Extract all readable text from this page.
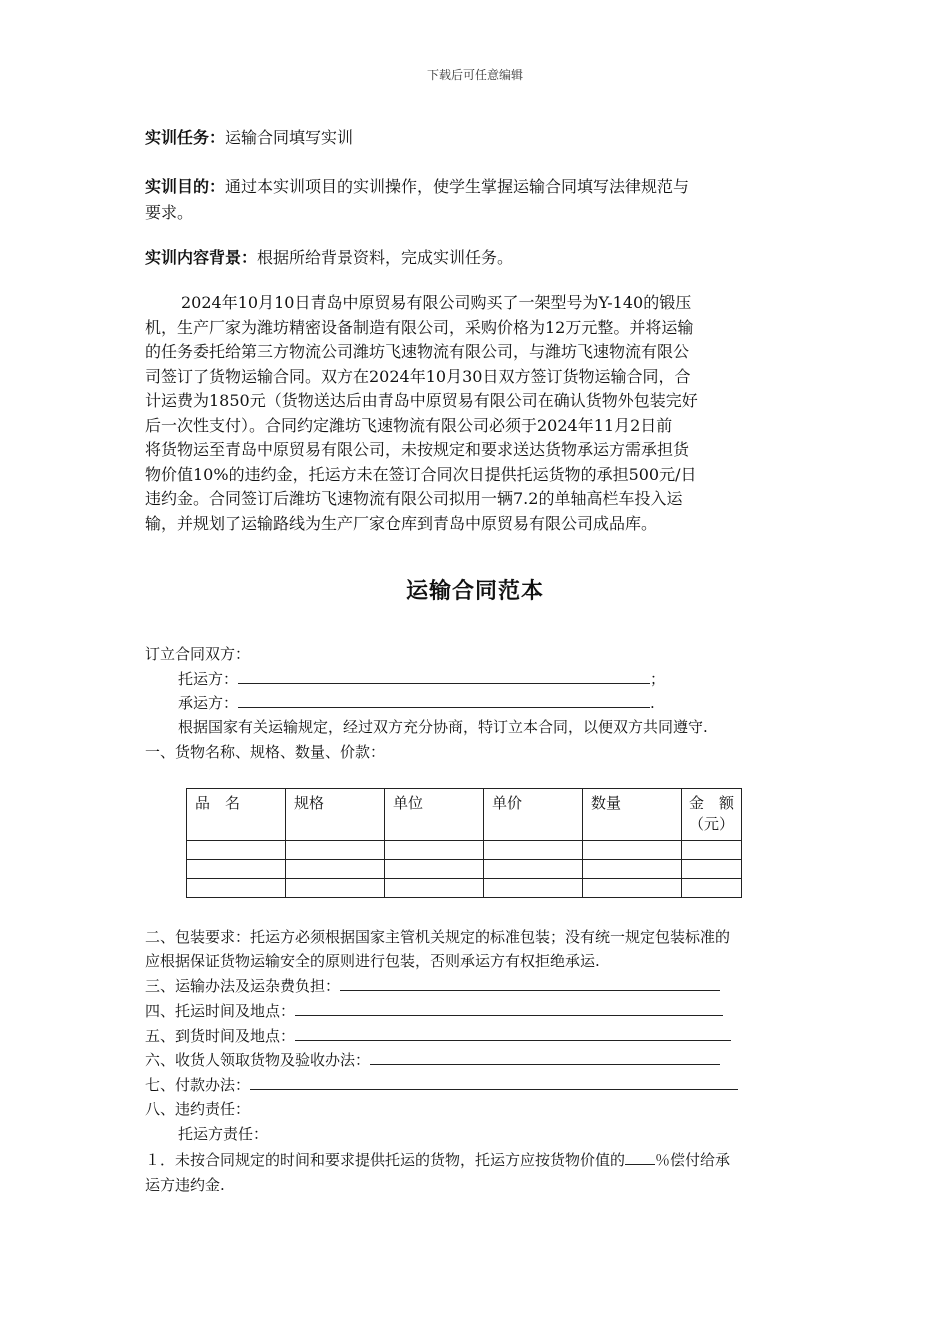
下载后可任意编辑
实训任务：运输合同填写实训
实训目的：通过本实训项目的实训操作，使学生掌握运输合同填写法律规范与
要求。
实训内容背景：根据所给背景资料，完成实训任务。
2024年10月10日青岛中原贸易有限公司购买了一架型号为Y-140的锻压
机，生产厂家为潍坊精密设备制造有限公司，采购价格为12万元整。并将运输
的任务委托给第三方物流公司潍坊飞速物流有限公司，与潍坊飞速物流有限公
司签订了货物运输合同。双方在2024年10月30日双方签订货物运输合同，合
计运费为1850元（货物送达后由青岛中原贸易有限公司在确认货物外包装完好
后一次性支付）。合同约定潍坊飞速物流有限公司必须于2024年11月2日前
将货物运至青岛中原贸易有限公司，未按规定和要求送达货物承运方需承担货
物价值10%的违约金，托运方未在签订合同次日提供托运货物的承担500元/日
违约金。合同签订后潍坊飞速物流有限公司拟用一辆7.2的单轴高栏车投入运
输，并规划了运输路线为生产厂家仓库到青岛中原贸易有限公司成品库。
运输合同范本
订立合同双方：
托运方：	；
承运方：	.
根据国家有关运输规定，经过双方充分协商，特订立本合同，以便双方共同遵守.
一、货物名称、规格、数量、价款：
品　名	规格	单位	单价	数量	金　额
（元）

二、包装要求：托运方必须根据国家主管机关规定的标准包装；没有统一规定包装标准的
应根据保证货物运输安全的原则进行包装，否则承运方有权拒绝承运.
三、运输办法及运杂费负担：
四、托运时间及地点：
五、到货时间及地点：
六、收货人领取货物及验收办法：
七、付款办法：
八、违约责任：
托运方责任：
１．未按合同规定的时间和要求提供托运的货物，托运方应按货物价值的 ％偿付给承
运方违约金.
